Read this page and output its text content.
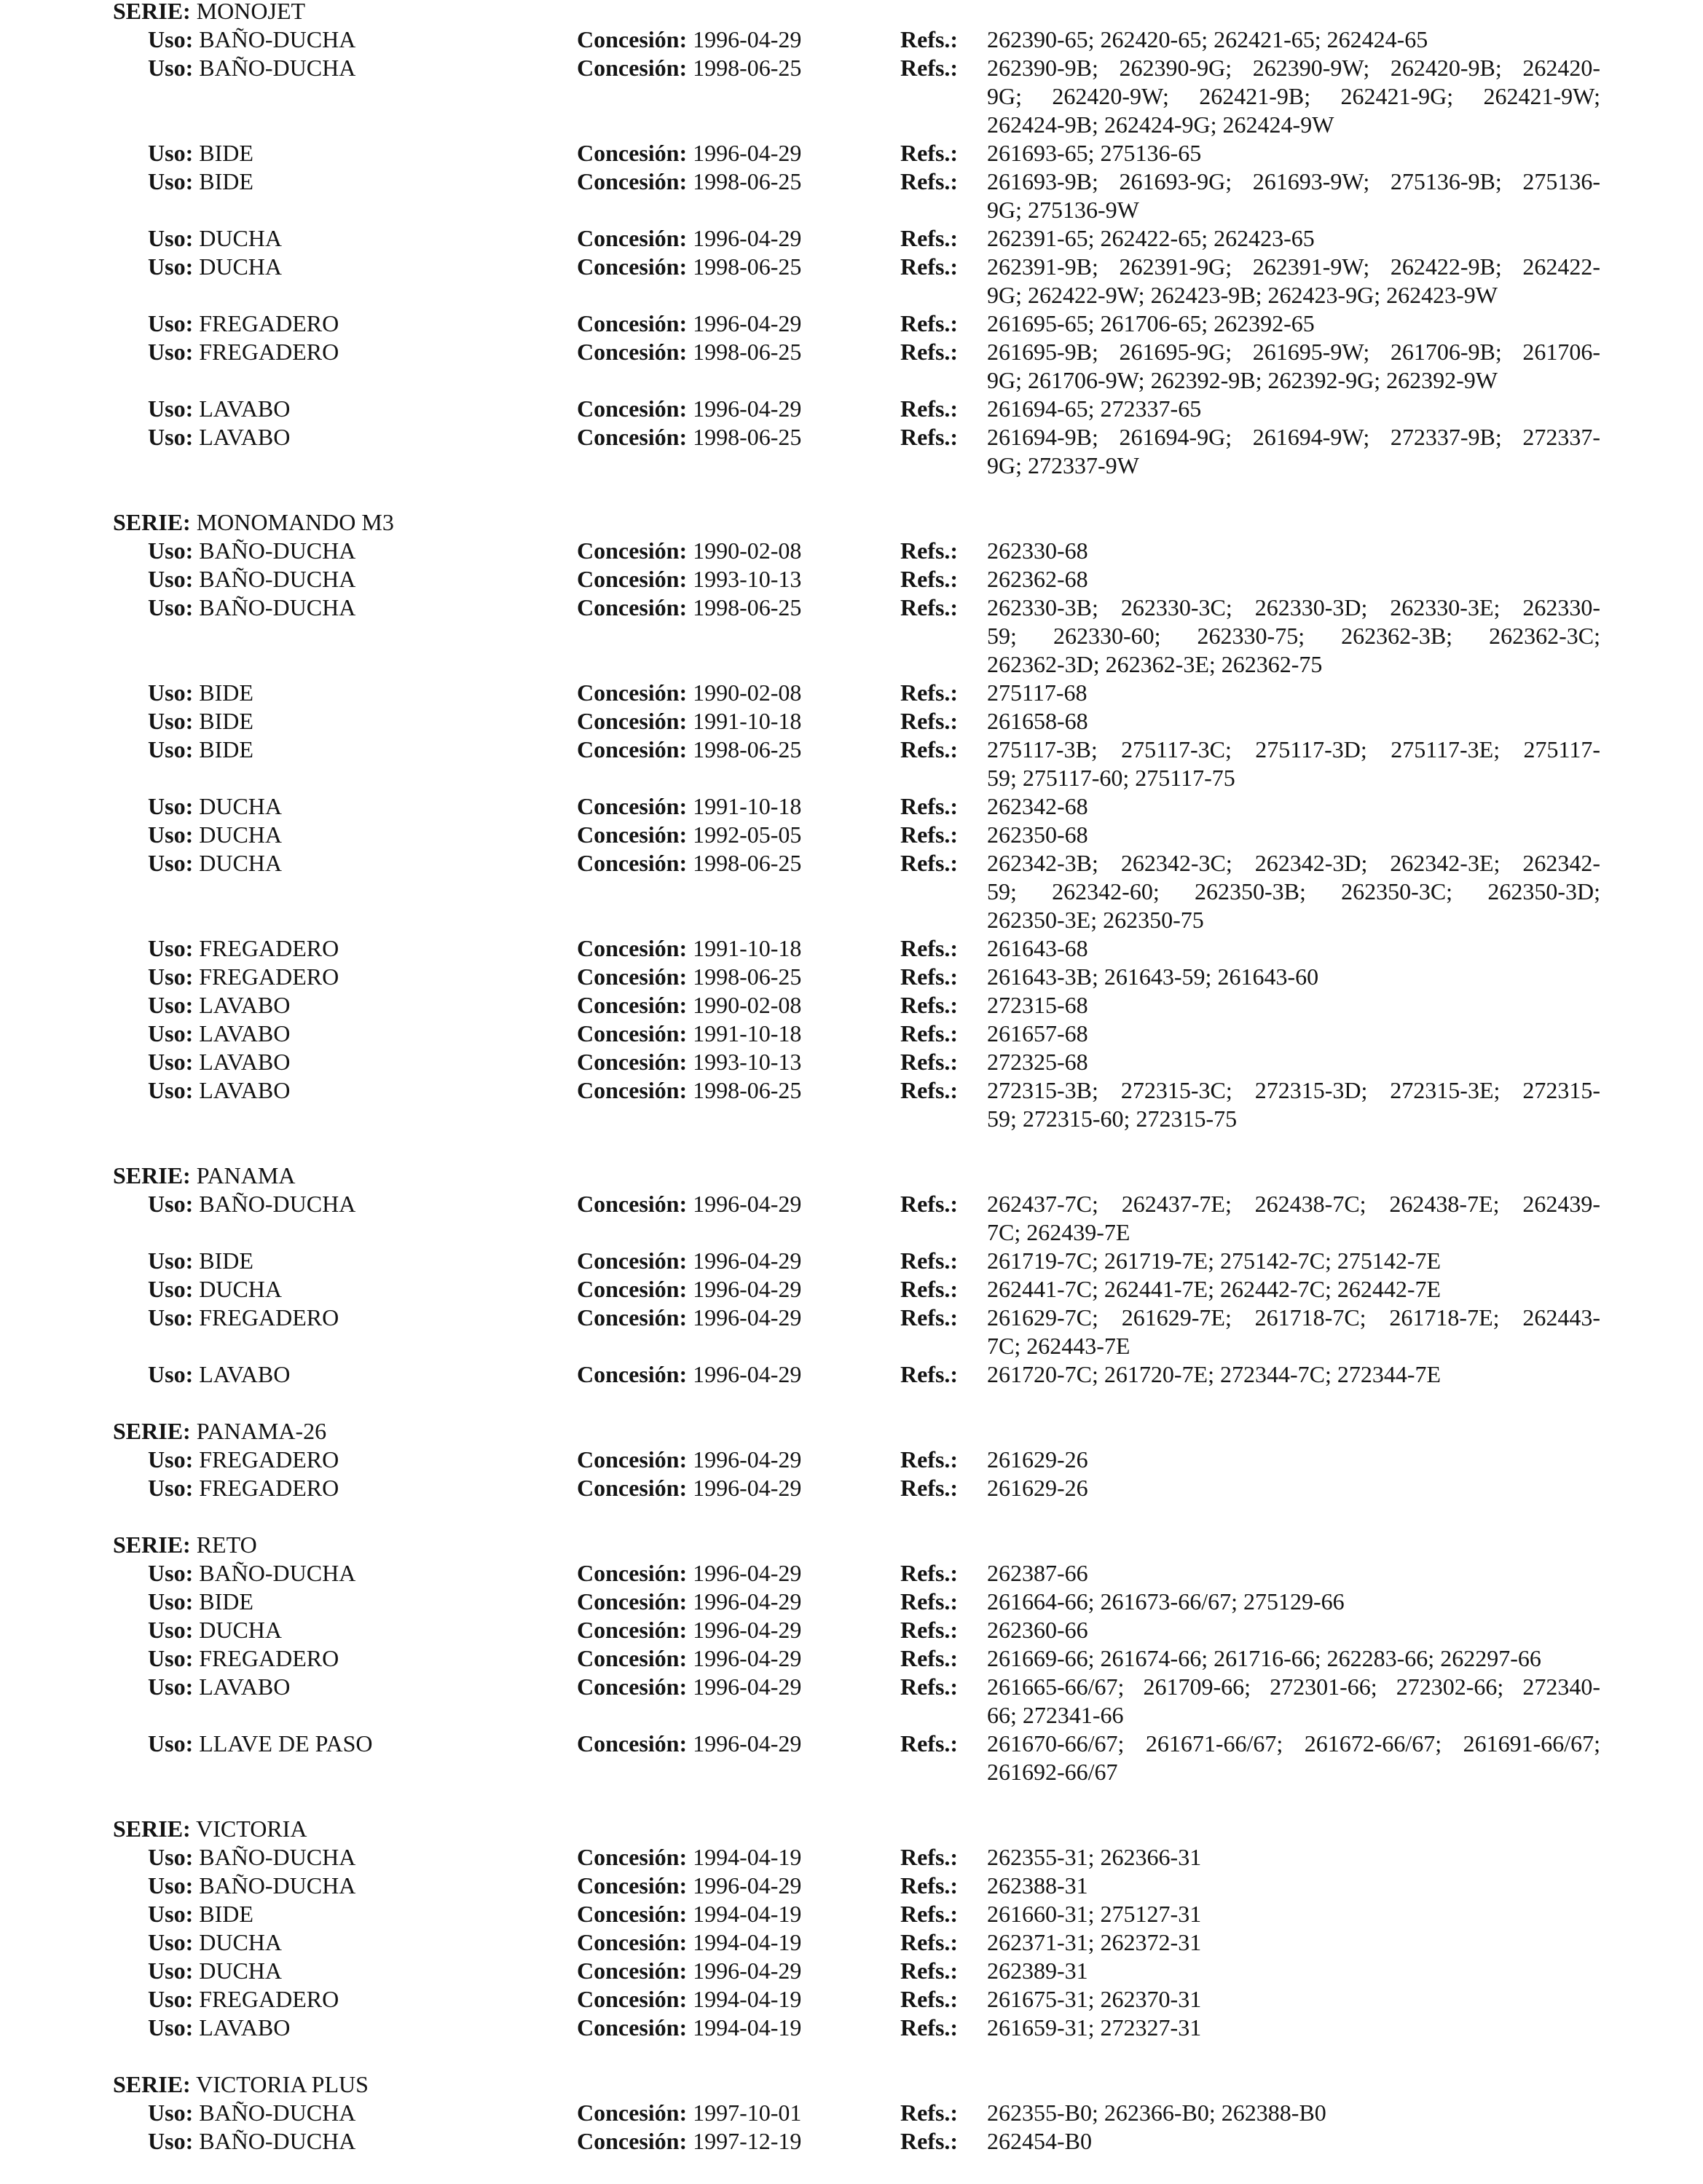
SERIE: MONOJET
Uso: BAÑO-DUCHA	Concesión: 1996-04-29	Refs.: 262390-65; 262420-65; 262421-65; 262424-65
Uso: BAÑO-DUCHA	Concesión: 1998-06-25	Refs.: 262390-9B; 262390-9G; 262390-9W; 262420-9B; 262420-
9G; 262420-9W; 262421-9B; 262421-9G; 262421-9W;
262424-9B; 262424-9G; 262424-9W
Uso: BIDE	Concesión: 1996-04-29	Refs.: 261693-65; 275136-65
Uso: BIDE	Concesión: 1998-06-25	Refs.: 261693-9B; 261693-9G; 261693-9W; 275136-9B; 275136-
9G; 275136-9W
Uso: DUCHA	Concesión: 1996-04-29	Refs.: 262391-65; 262422-65; 262423-65
Uso: DUCHA	Concesión: 1998-06-25	Refs.: 262391-9B; 262391-9G; 262391-9W; 262422-9B; 262422-
9G; 262422-9W; 262423-9B; 262423-9G; 262423-9W
Uso: FREGADERO	Concesión: 1996-04-29	Refs.: 261695-65; 261706-65; 262392-65
Uso: FREGADERO	Concesión: 1998-06-25	Refs.: 261695-9B; 261695-9G; 261695-9W; 261706-9B; 261706-
9G; 261706-9W; 262392-9B; 262392-9G; 262392-9W
Uso: LAVABO	Concesión: 1996-04-29	Refs.: 261694-65; 272337-65
Uso: LAVABO	Concesión: 1998-06-25	Refs.: 261694-9B; 261694-9G; 261694-9W; 272337-9B; 272337-
9G; 272337-9W
SERIE: MONOMANDO M3
Uso: BAÑO-DUCHA	Concesión: 1990-02-08	Refs.: 262330-68
Uso: BAÑO-DUCHA	Concesión: 1993-10-13	Refs.: 262362-68
Uso: BAÑO-DUCHA	Concesión: 1998-06-25	Refs.: 262330-3B; 262330-3C; 262330-3D; 262330-3E; 262330-
59; 262330-60; 262330-75; 262362-3B; 262362-3C;
262362-3D; 262362-3E; 262362-75
Uso: BIDE	Concesión: 1990-02-08	Refs.: 275117-68
Uso: BIDE	Concesión: 1991-10-18	Refs.: 261658-68
Uso: BIDE	Concesión: 1998-06-25	Refs.: 275117-3B; 275117-3C; 275117-3D; 275117-3E; 275117-
59; 275117-60; 275117-75
Uso: DUCHA	Concesión: 1991-10-18	Refs.: 262342-68
Uso: DUCHA	Concesión: 1992-05-05	Refs.: 262350-68
Uso: DUCHA	Concesión: 1998-06-25	Refs.: 262342-3B; 262342-3C; 262342-3D; 262342-3E; 262342-
59; 262342-60; 262350-3B; 262350-3C; 262350-3D;
262350-3E; 262350-75
Uso: FREGADERO	Concesión: 1991-10-18	Refs.: 261643-68
Uso: FREGADERO	Concesión: 1998-06-25	Refs.: 261643-3B; 261643-59; 261643-60
Uso: LAVABO	Concesión: 1990-02-08	Refs.: 272315-68
Uso: LAVABO	Concesión: 1991-10-18	Refs.: 261657-68
Uso: LAVABO	Concesión: 1993-10-13	Refs.: 272325-68
Uso: LAVABO	Concesión: 1998-06-25	Refs.: 272315-3B; 272315-3C; 272315-3D; 272315-3E; 272315-
59; 272315-60; 272315-75
SERIE: PANAMA
Uso: BAÑO-DUCHA	Concesión: 1996-04-29	Refs.: 262437-7C; 262437-7E; 262438-7C; 262438-7E; 262439-
7C; 262439-7E
Uso: BIDE	Concesión: 1996-04-29	Refs.: 261719-7C; 261719-7E; 275142-7C; 275142-7E
Uso: DUCHA	Concesión: 1996-04-29	Refs.: 262441-7C; 262441-7E; 262442-7C; 262442-7E
Uso: FREGADERO	Concesión: 1996-04-29	Refs.: 261629-7C; 261629-7E; 261718-7C; 261718-7E; 262443-
7C; 262443-7E
Uso: LAVABO	Concesión: 1996-04-29	Refs.: 261720-7C; 261720-7E; 272344-7C; 272344-7E
SERIE: PANAMA-26
Uso: FREGADERO	Concesión: 1996-04-29	Refs.: 261629-26
Uso: FREGADERO	Concesión: 1996-04-29	Refs.: 261629-26
SERIE: RETO
Uso: BAÑO-DUCHA	Concesión: 1996-04-29	Refs.: 262387-66
Uso: BIDE	Concesión: 1996-04-29	Refs.: 261664-66; 261673-66/67; 275129-66
Uso: DUCHA	Concesión: 1996-04-29	Refs.: 262360-66
Uso: FREGADERO	Concesión: 1996-04-29	Refs.: 261669-66; 261674-66; 261716-66; 262283-66; 262297-66
Uso: LAVABO	Concesión: 1996-04-29	Refs.: 261665-66/67; 261709-66; 272301-66; 272302-66; 272340-
66; 272341-66
Uso: LLAVE DE PASO	Concesión: 1996-04-29	Refs.: 261670-66/67; 261671-66/67; 261672-66/67; 261691-66/67;
261692-66/67
SERIE: VICTORIA
Uso: BAÑO-DUCHA	Concesión: 1994-04-19	Refs.: 262355-31; 262366-31
Uso: BAÑO-DUCHA	Concesión: 1996-04-29	Refs.: 262388-31
Uso: BIDE	Concesión: 1994-04-19	Refs.: 261660-31; 275127-31
Uso: DUCHA	Concesión: 1994-04-19	Refs.: 262371-31; 262372-31
Uso: DUCHA	Concesión: 1996-04-29	Refs.: 262389-31
Uso: FREGADERO	Concesión: 1994-04-19	Refs.: 261675-31; 262370-31
Uso: LAVABO	Concesión: 1994-04-19	Refs.: 261659-31; 272327-31
SERIE: VICTORIA PLUS
Uso: BAÑO-DUCHA	Concesión: 1997-10-01	Refs.: 262355-B0; 262366-B0; 262388-B0
Uso: BAÑO-DUCHA	Concesión: 1997-12-19	Refs.: 262454-B0
